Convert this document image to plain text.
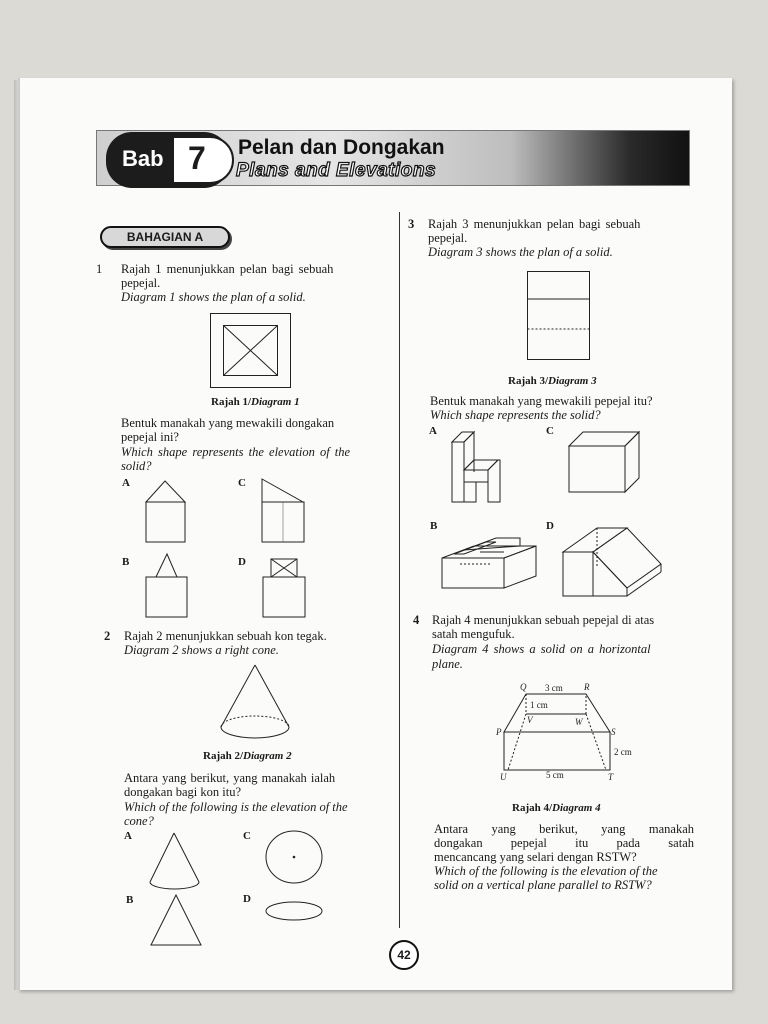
Bab 7 Pelan dan Dongakan
Plans and Elevations
BAHAGIAN A
1 Rajah 1 menunjukkan pelan bagi sebuah
pepejal.
Diagram 1 shows the plan of a solid.
Rajah 1/Diagram 1
Bentuk manakah yang mewakili dongakan
pepejal ini?
Which shape represents the elevation of the
solid?
A	C
B	D
2 Rajah 2 menunjukkan sebuah kon tegak.
Diagram 2 shows a right cone.
Rajah 2/Diagram 2
Antara yang berikut, yang manakah ialah
dongakan bagi kon itu?
Which of the following is the elevation of the
cone?
A	C
B	D
3 Rajah 3 menunjukkan pelan bagi sebuah
pepejal.
Diagram 3 shows the plan of a solid.
Rajah 3/Diagram 3
Bentuk manakah yang mewakili pepejal itu?
Which shape represents the solid?
A	C
B	D
4 Rajah 4 menunjukkan sebuah pepejal di atas
satah mengufuk.
Diagram 4 shows a solid on a horizontal
plane.
Q	R
P	S
U	T
V	W
3 cm
1 cm
2 cm
5 cm
Rajah 4/Diagram 4
Antara yang berikut, yang manakah
dongakan pepejal itu pada satah
mencancang yang selari dengan RSTW?
Which of the following is the elevation of the
solid on a vertical plane parallel to RSTW?
42
